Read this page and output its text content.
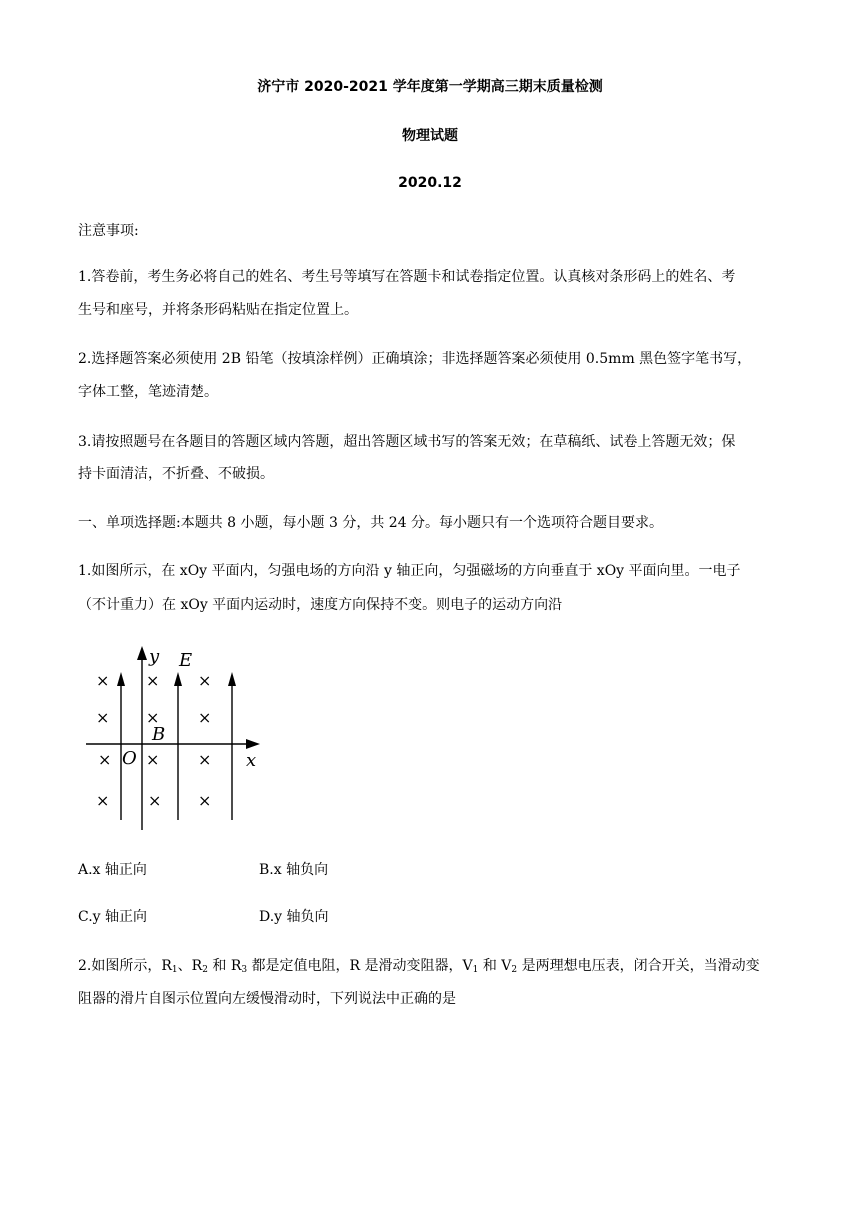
济宁市 2020-2021 学年度第一学期高三期末质量检测
物理试题
2020.12
注意事项:
1.答卷前，考生务必将自己的姓名、考生号等填写在答题卡和试卷指定位置。认真核对条形码上的姓名、考
生号和座号，并将条形码粘贴在指定位置上。
2.选择题答案必须使用 2B 铅笔（按填涂样例）正确填涂；非选择题答案必须使用 0.5mm 黑色签字笔书写，
字体工整，笔迹清楚。
3.请按照题号在各题目的答题区域内答题，超出答题区域书写的答案无效；在草稿纸、试卷上答题无效；保
持卡面清洁，不折叠、不破损。
一、单项选择题:本题共 8 小题，每小题 3 分，共 24 分。每小题只有一个选项符合题目要求。
1.如图所示，在 xOy 平面内，匀强电场的方向沿 y 轴正向，匀强磁场的方向垂直于 xOy 平面向里。一电子
（不计重力）在 xOy 平面内运动时，速度方向保持不变。则电子的运动方向沿
y E
B
O	x
× × ×
× × ×
× × ×
× × ×
A.x 轴正向	B.x 轴负向
C.y 轴正向	D.y 轴负向
2.如图所示，$R_1$、$R_2$ 和 $R_3$ 都是定值电阻，R 是滑动变阻器，$V_1$ 和 $V_2$ 是两理想电压表，闭合开关，当滑动变
阻器的滑片自图示位置向左缓慢滑动时，下列说法中正确的是
